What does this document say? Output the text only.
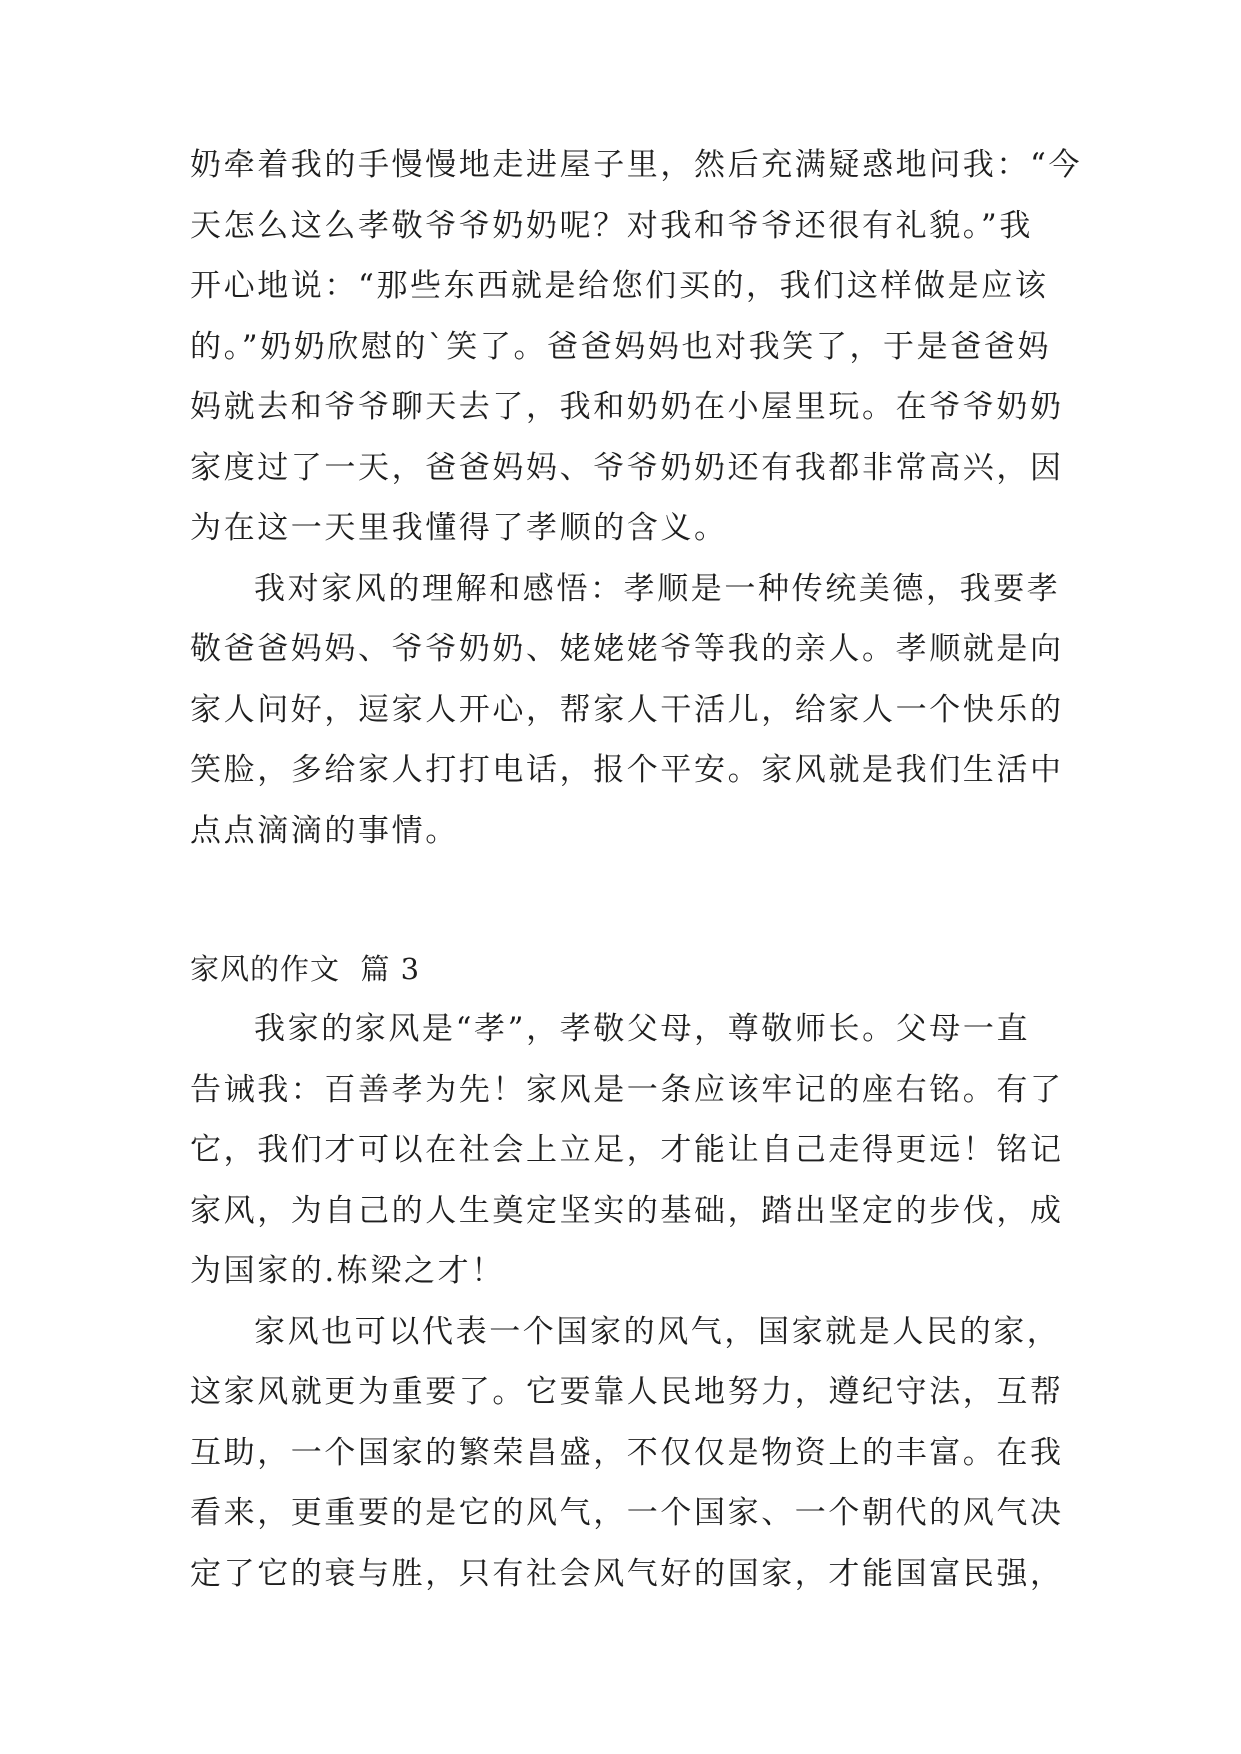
奶牵着我的手慢慢地走进屋子里，然后充满疑惑地问我：“今
天怎么这么孝敬爷爷奶奶呢？对我和爷爷还很有礼貌。”我
开心地说：“那些东西就是给您们买的，我们这样做是应该
的。”奶奶欣慰的`笑了。爸爸妈妈也对我笑了，于是爸爸妈
妈就去和爷爷聊天去了，我和奶奶在小屋里玩。在爷爷奶奶
家度过了一天，爸爸妈妈、爷爷奶奶还有我都非常高兴，因
为在这一天里我懂得了孝顺的含义。

我对家风的理解和感悟：孝顺是一种传统美德，我要孝
敬爸爸妈妈、爷爷奶奶、姥姥姥爷等我的亲人。孝顺就是向
家人问好，逗家人开心，帮家人干活儿，给家人一个快乐的
笑脸，多给家人打打电话，报个平安。家风就是我们生活中
点点滴滴的事情。

家风的作文  篇 3

我家的家风是“孝”，孝敬父母，尊敬师长。父母一直
告诫我：百善孝为先！家风是一条应该牢记的座右铭。有了
它，我们才可以在社会上立足，才能让自己走得更远！铭记
家风，为自己的人生奠定坚实的基础，踏出坚定的步伐，成
为国家的.栋梁之才！

家风也可以代表一个国家的风气，国家就是人民的家，
这家风就更为重要了。它要靠人民地努力，遵纪守法，互帮
互助，一个国家的繁荣昌盛，不仅仅是物资上的丰富。在我
看来，更重要的是它的风气，一个国家、一个朝代的风气决
定了它的衰与胜，只有社会风气好的国家，才能国富民强，
